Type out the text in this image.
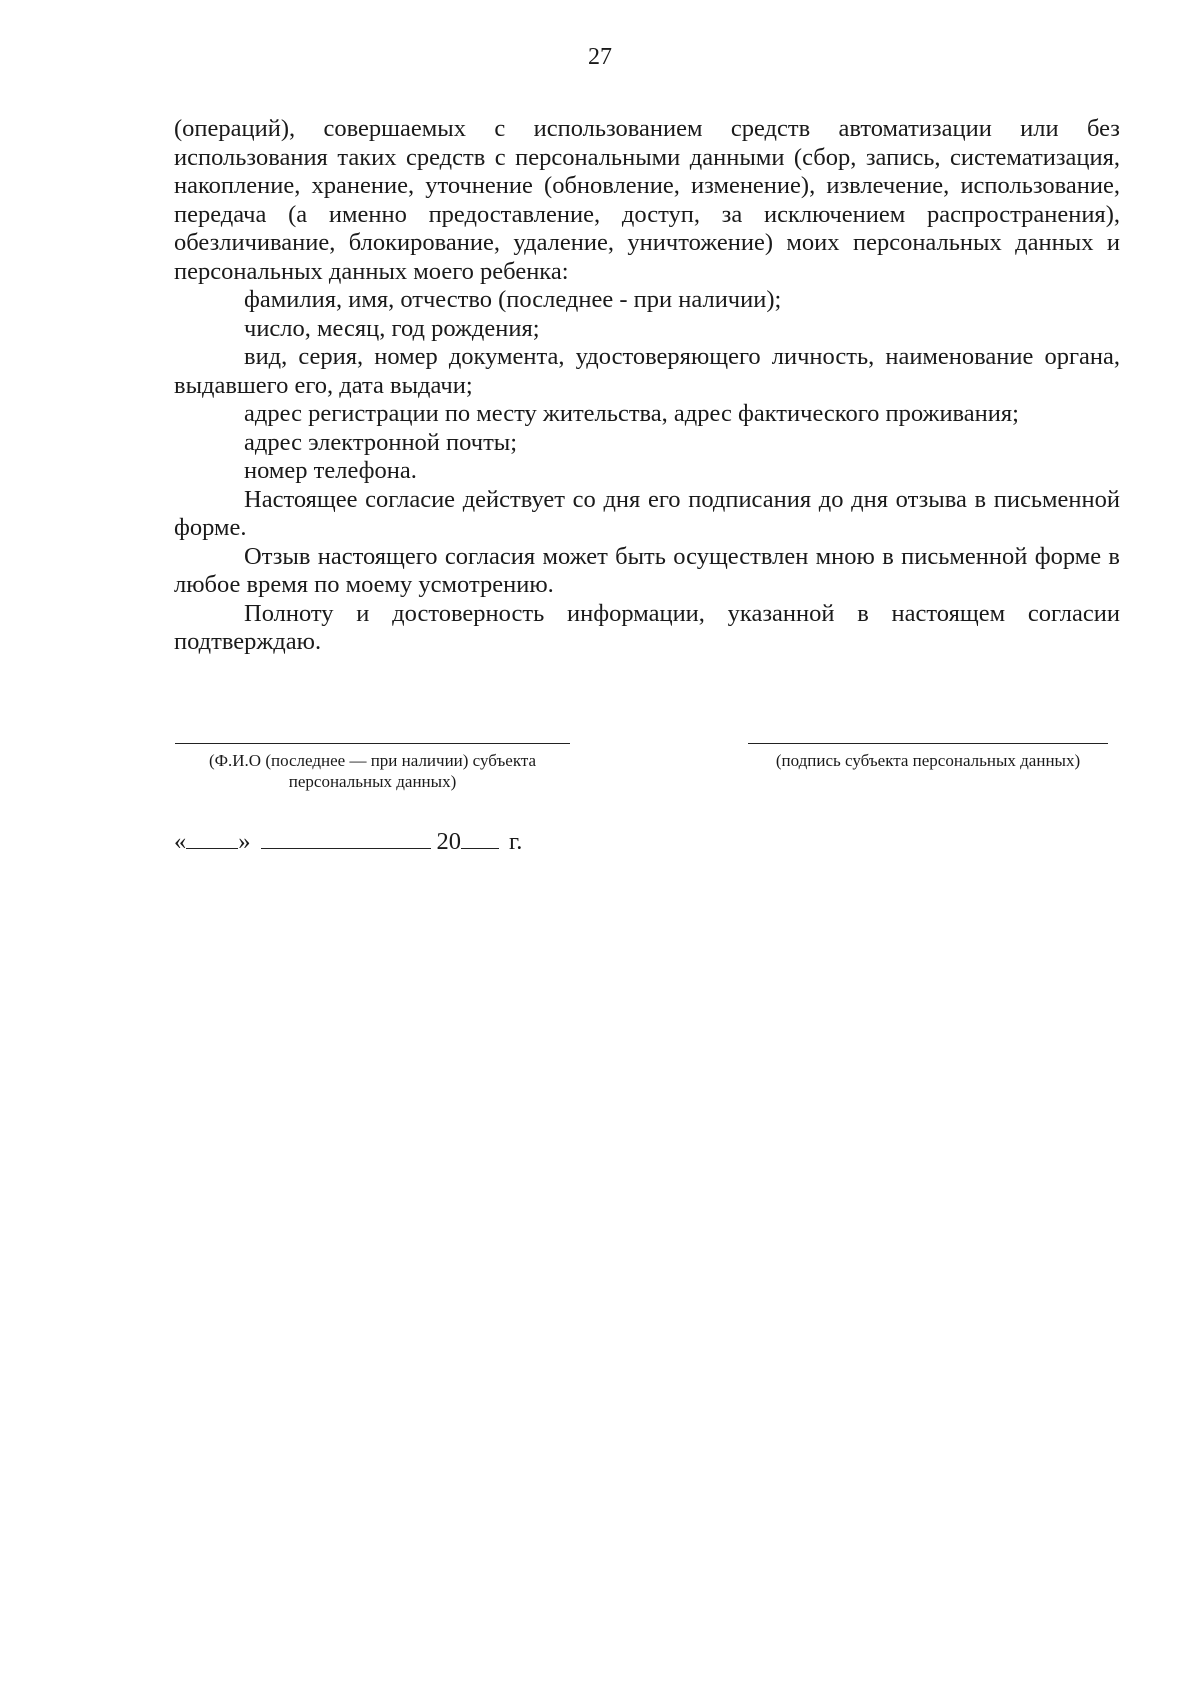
27

(операций), совершаемых с использованием средств автоматизации или без использования таких средств с персональными данными (сбор, запись, систематизация, накопление, хранение, уточнение (обновление, изменение), извлечение, использование, передача (а именно предоставление, доступ, за исключением распространения), обезличивание, блокирование, удаление, уничтожение) моих персональных данных и персональных данных моего ребенка:

фамилия, имя, отчество (последнее - при наличии);

число, месяц, год рождения;

вид, серия, номер документа, удостоверяющего личность, наименование органа, выдавшего его, дата выдачи;

адрес регистрации по месту жительства, адрес фактического проживания;

адрес электронной почты;

номер телефона.

Настоящее согласие действует со дня его подписания до дня отзыва в письменной форме.

Отзыв настоящего согласия может быть осуществлен мною в письменной форме в любое время по моему усмотрению.

Полноту и достоверность информации, указанной в настоящем согласии подтверждаю.

(Ф.И.О (последнее — при наличии) субъекта персональных данных)
(подпись субъекта персональных данных)
« »	20 г.
